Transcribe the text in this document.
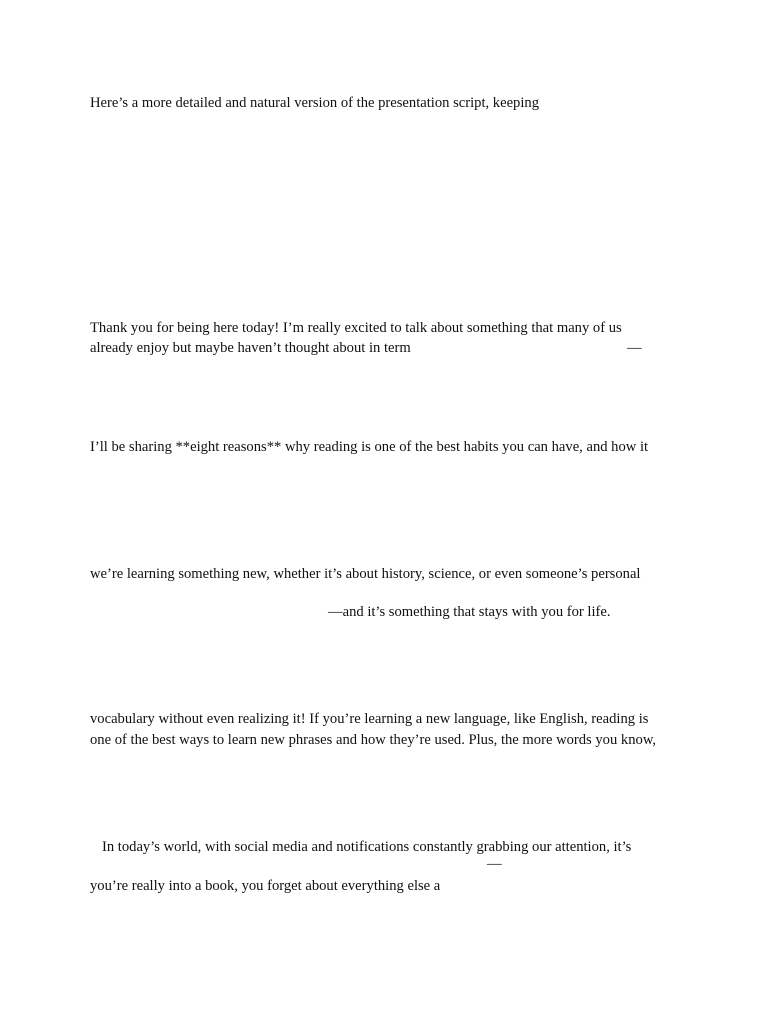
Here’s a more detailed and natural version of the presentation script, keeping
Thank you for being here today! I’m really excited to talk about something that many of us
already enjoy but maybe haven’t thought about in term	—
I’ll be sharing **eight reasons** why reading is one of the best habits you can have, and how it
we’re learning something new, whether it’s about history, science, or even someone’s personal
—and it’s something that stays with you for life.
vocabulary without even realizing it! If you’re learning a new language, like English, reading is
one of the best ways to learn new phrases and how they’re used. Plus, the more words you know,
In today’s world, with social media and notifications constantly grabbing our attention, it’s
—
you’re really into a book, you forget about everything else a
